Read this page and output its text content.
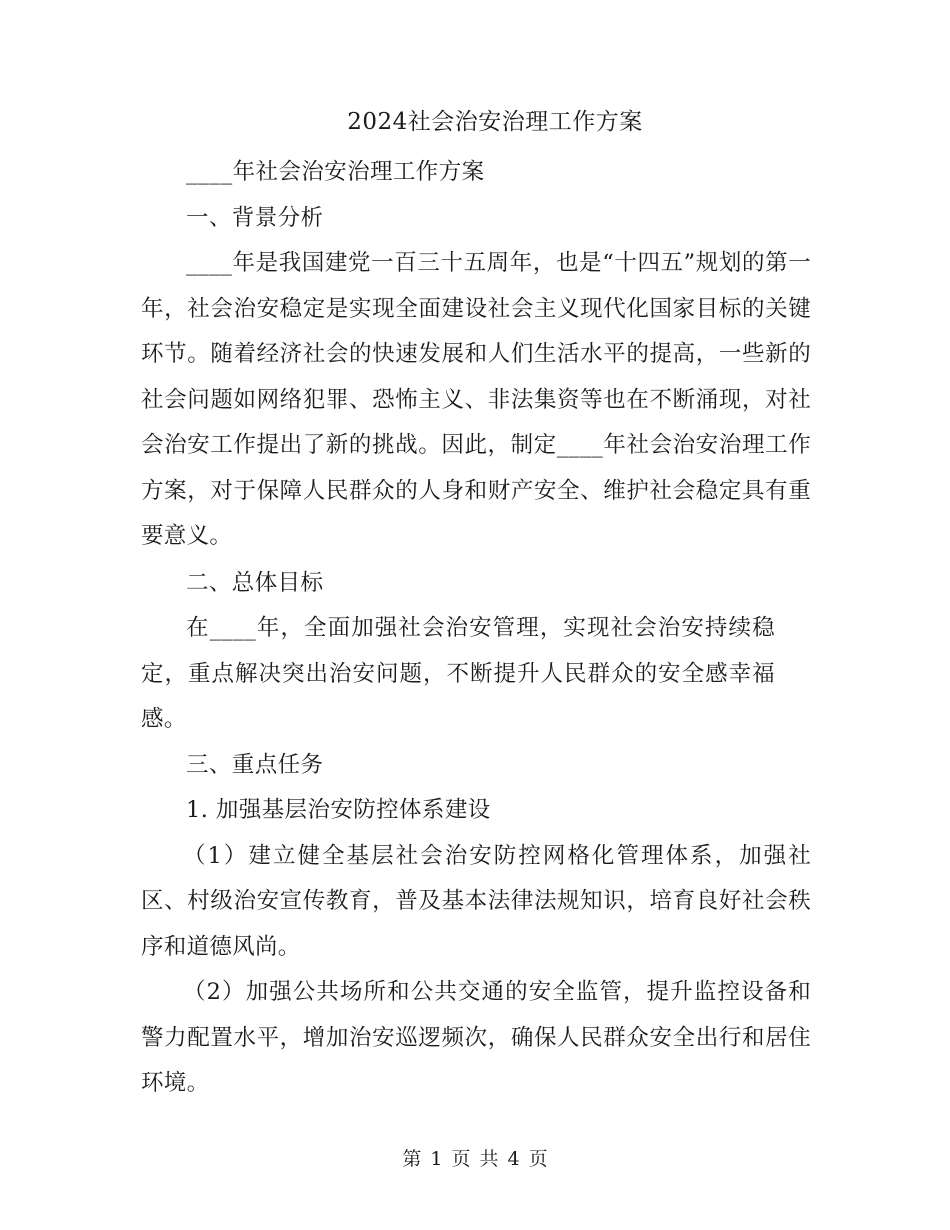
2024社会治安治理工作方案

____年社会治安治理工作方案

一、背景分析

____年是我国建党一百三十五周年，也是“十四五”规划的第一年，社会治安稳定是实现全面建设社会主义现代化国家目标的关键环节。随着经济社会的快速发展和人们生活水平的提高，一些新的社会问题如网络犯罪、恐怖主义、非法集资等也在不断涌现，对社会治安工作提出了新的挑战。因此，制定____年社会治安治理工作方案，对于保障人民群众的人身和财产安全、维护社会稳定具有重要意义。

二、总体目标

在____年，全面加强社会治安管理，实现社会治安持续稳定，重点解决突出治安问题，不断提升人民群众的安全感幸福感。

三、重点任务

1. 加强基层治安防控体系建设

（1）建立健全基层社会治安防控网格化管理体系，加强社区、村级治安宣传教育，普及基本法律法规知识，培育良好社会秩序和道德风尚。

（2）加强公共场所和公共交通的安全监管，提升监控设备和警力配置水平，增加治安巡逻频次，确保人民群众安全出行和居住环境。

第 1 页 共 4 页
